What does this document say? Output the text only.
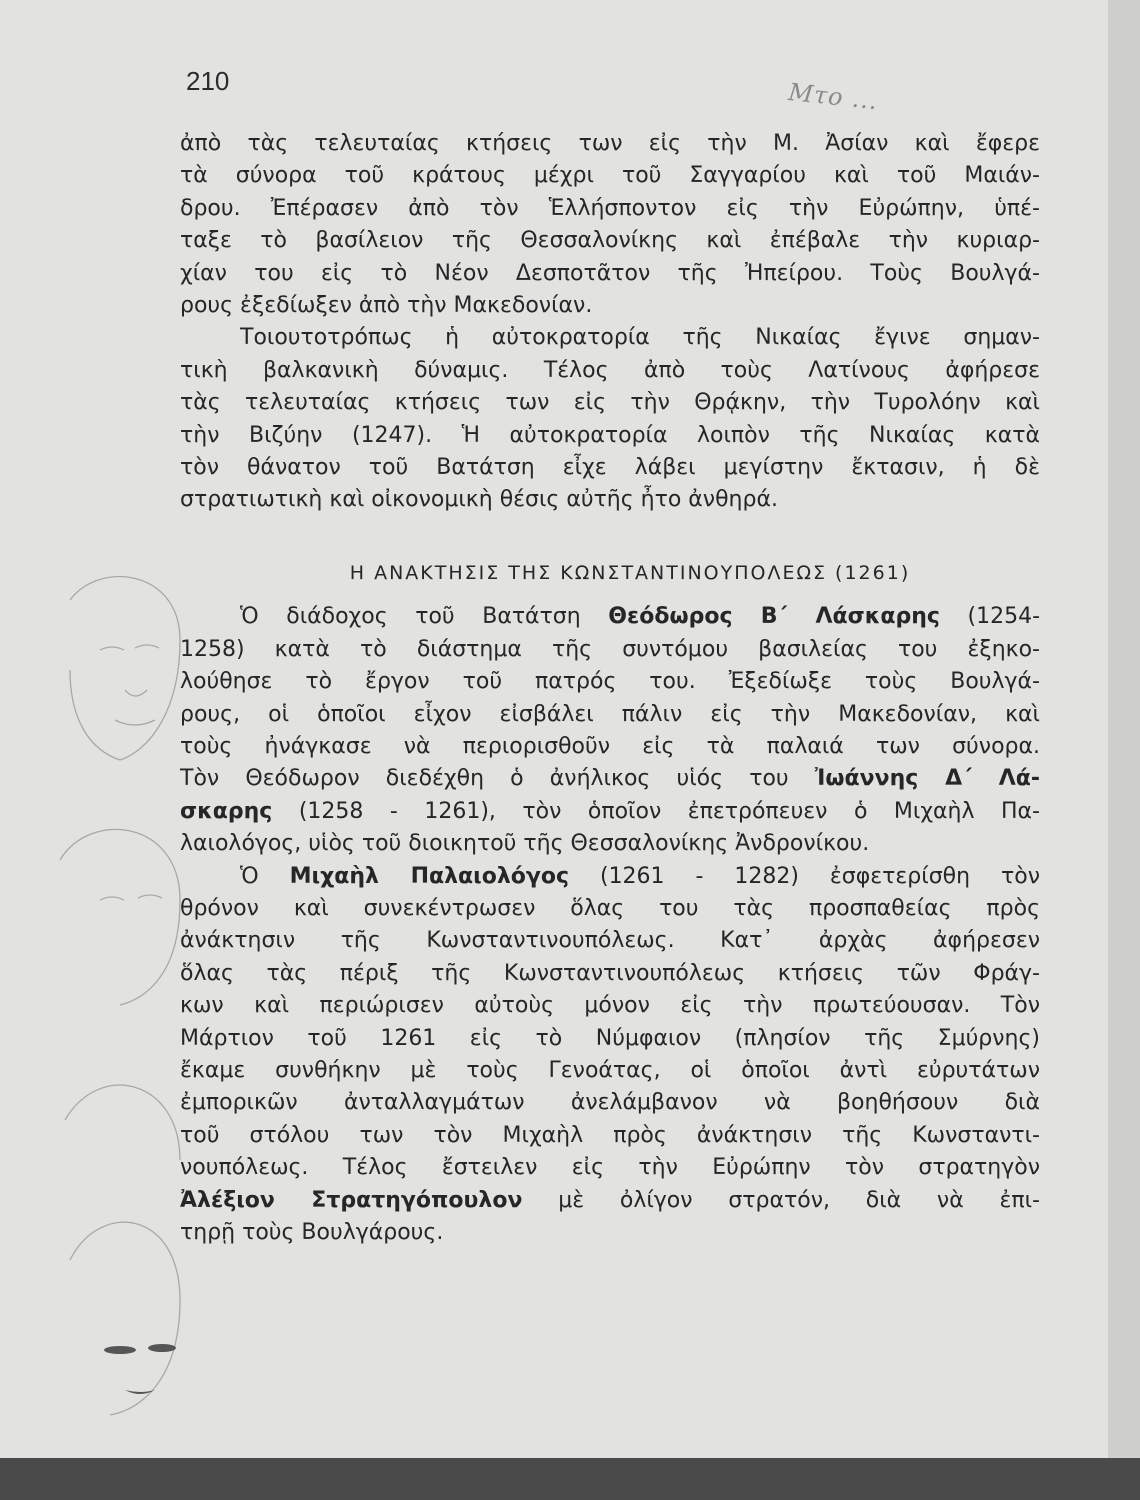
210	Μτο ...
ἀπὸ τὰς τελευταίας κτήσεις των εἰς τὴν Μ. Ἀσίαν καὶ ἔφερε
τὰ σύνορα τοῦ κράτους μέχρι τοῦ Σαγγαρίου καὶ τοῦ Μαιάν-
δρου. Ἐπέρασεν ἀπὸ τὸν Ἑλλήσποντον εἰς τὴν Εὐρώπην, ὑπέ-
ταξε τὸ βασίλειον τῆς Θεσσαλονίκης καὶ ἐπέβαλε τὴν κυριαρ-
χίαν του εἰς τὸ Νέον Δεσποτᾶτον τῆς Ἠπείρου. Τοὺς Βουλγά-
ρους ἐξεδίωξεν ἀπὸ τὴν Μακεδονίαν.
Τοιουτοτρόπως ἡ αὐτοκρατορία τῆς Νικαίας ἔγινε σημαν-
τικὴ βαλκανικὴ δύναμις. Τέλος ἀπὸ τοὺς Λατίνους ἀφήρεσε
τὰς τελευταίας κτήσεις των εἰς τὴν Θρᾴκην, τὴν Τυρολόην καὶ
τὴν Βιζύην (1247). Ἡ αὐτοκρατορία λοιπὸν τῆς Νικαίας κατὰ
τὸν θάνατον τοῦ Βατάτση εἶχε λάβει μεγίστην ἔκτασιν, ἡ δὲ
στρατιωτικὴ καὶ οἰκονομικὴ θέσις αὐτῆς ἦτο ἀνθηρά.
Η ΑΝΑΚΤΗΣΙΣ ΤΗΣ ΚΩΝΣΤΑΝΤΙΝΟΥΠΟΛΕΩΣ (1261)
Ὁ διάδοχος τοῦ Βατάτση Θεόδωρος Β΄ Λάσκαρης (1254-
1258) κατὰ τὸ διάστημα τῆς συντόμου βασιλείας του ἐξηκο-
λούθησε τὸ ἔργον τοῦ πατρός του. Ἐξεδίωξε τοὺς Βουλγά-
ρους, οἱ ὁποῖοι εἶχον εἰσβάλει πάλιν εἰς τὴν Μακεδονίαν, καὶ
τοὺς ἠνάγκασε νὰ περιορισθοῦν εἰς τὰ παλαιά των σύνορα.
Τὸν Θεόδωρον διεδέχθη ὁ ἀνήλικος υἱός του Ἰωάννης Δ΄ Λά-
σκαρης (1258 - 1261), τὸν ὁποῖον ἐπετρόπευεν ὁ Μιχαὴλ Πα-
λαιολόγος, υἱὸς τοῦ διοικητοῦ τῆς Θεσσαλονίκης Ἀνδρονίκου.
Ὁ Μιχαὴλ Παλαιολόγος (1261 - 1282) ἐσφετερίσθη τὸν
θρόνον καὶ συνεκέντρωσεν ὅλας του τὰς προσπαθείας πρὸς
ἀνάκτησιν τῆς Κωνσταντινουπόλεως. Κατ᾽ ἀρχὰς ἀφήρεσεν
ὅλας τὰς πέριξ τῆς Κωνσταντινουπόλεως κτήσεις τῶν Φράγ-
κων καὶ περιώρισεν αὐτοὺς μόνον εἰς τὴν πρωτεύουσαν. Τὸν
Μάρτιον τοῦ 1261 εἰς τὸ Νύμφαιον (πλησίον τῆς Σμύρνης)
ἔκαμε συνθήκην μὲ τοὺς Γενοάτας, οἱ ὁποῖοι ἀντὶ εὐρυτάτων
ἐμπορικῶν ἀνταλλαγμάτων ἀνελάμβανον νὰ βοηθήσουν διὰ
τοῦ στόλου των τὸν Μιχαὴλ πρὸς ἀνάκτησιν τῆς Κωνσταντι-
νουπόλεως. Τέλος ἔστειλεν εἰς τὴν Εὐρώπην τὸν στρατηγὸν
Ἀλέξιον Στρατηγόπουλον μὲ ὀλίγον στρατόν, διὰ νὰ ἐπι-
τηρῇ τοὺς Βουλγάρους.
